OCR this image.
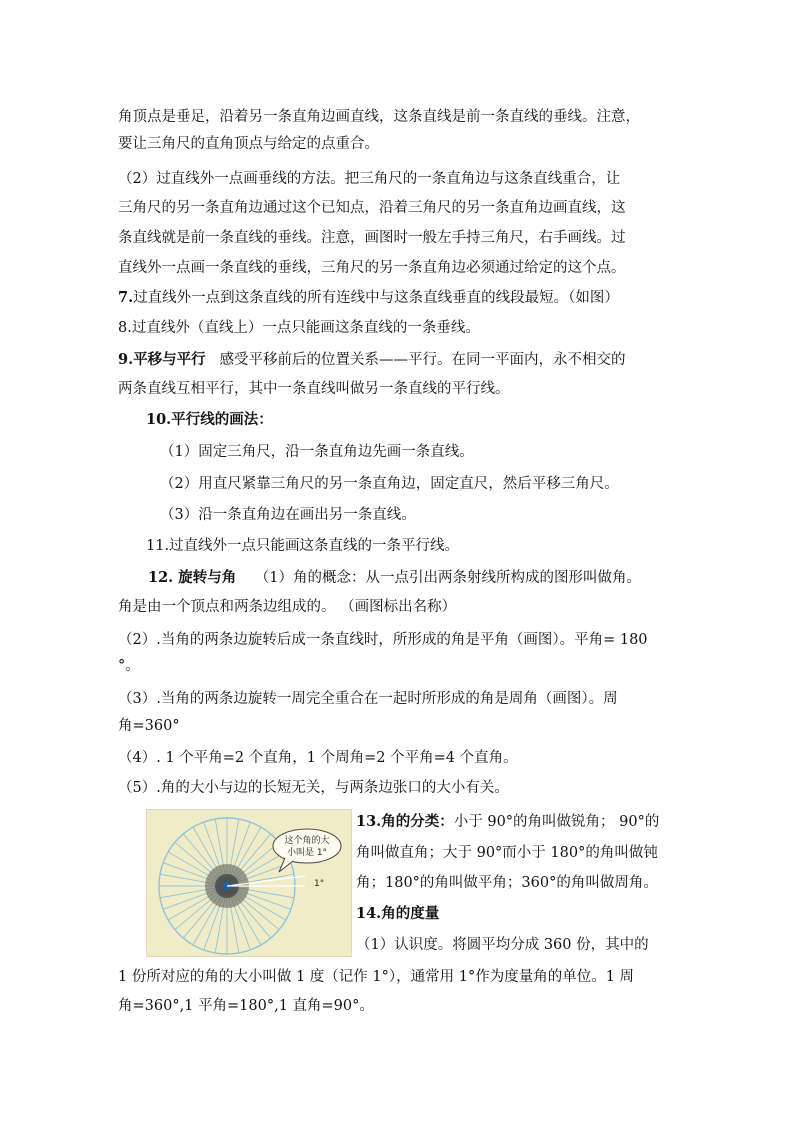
角顶点是垂足，沿着另一条直角边画直线，这条直线是前一条直线的垂线。注意，
要让三角尺的直角顶点与给定的点重合。
（2）过直线外一点画垂线的方法。把三角尺的一条直角边与这条直线重合，让
三角尺的另一条直角边通过这个已知点，沿着三角尺的另一条直角边画直线，这
条直线就是前一条直线的垂线。注意，画图时一般左手持三角尺，右手画线。过
直线外一点画一条直线的垂线，三角尺的另一条直角边必须通过给定的这个点。
7.过直线外一点到这条直线的所有连线中与这条直线垂直的线段最短。（如图）
8.过直线外（直线上）一点只能画这条直线的一条垂线。
9.平移与平行 感受平移前后的位置关系——平行。在同一平面内，永不相交的
两条直线互相平行，其中一条直线叫做另一条直线的平行线。
10.平行线的画法：
（1）固定三角尺，沿一条直角边先画一条直线。
（2）用直尺紧靠三角尺的另一条直角边，固定直尺，然后平移三角尺。
（3）沿一条直角边在画出另一条直线。
11.过直线外一点只能画这条直线的一条平行线。
12. 旋转与角 （1）角的概念：从一点引出两条射线所构成的图形叫做角。
角是由一个顶点和两条边组成的。 （画图标出名称）
（2）.当角的两条边旋转后成一条直线时，所形成的角是平角（画图）。平角= 180
°。
（3）.当角的两条边旋转一周完全重合在一起时所形成的角是周角（画图）。周
角=360°
（4）. 1 个平角=2 个直角，1 个周角=2 个平角=4 个直角。
（5）.角的大小与边的长短无关，与两条边张口的大小有关。
这个角的大
小叫是 1°
1°
13.角的分类：小于 90°的角叫做锐角； 90°的
角叫做直角；大于 90°而小于 180°的角叫做钝
角；180°的角叫做平角；360°的角叫做周角。
14.角的度量
（1）认识度。将圆平均分成 360 份，其中的
1 份所对应的角的大小叫做 1 度（记作 1°），通常用 1°作为度量角的单位。1 周
角=360°,1 平角=180°,1 直角=90°。
